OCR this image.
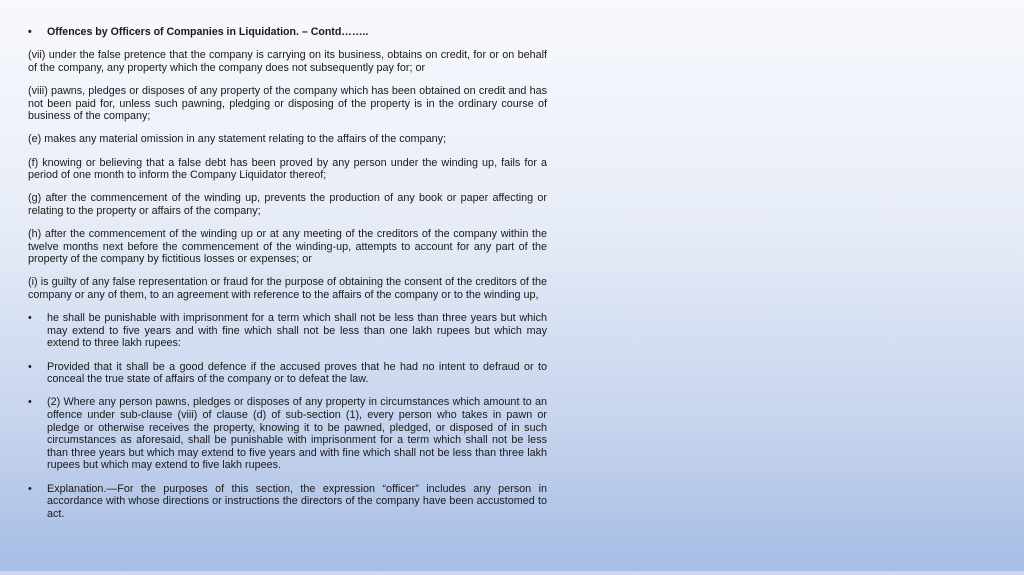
• Offences by Officers of Companies in Liquidation. – Contd……..

(vii) under the false pretence that the company is carrying on its business, obtains on credit, for or on behalf of the company, any property which the company does not subsequently pay for; or

(viii) pawns, pledges or disposes of any property of the company which has been obtained on credit and has not been paid for, unless such pawning, pledging or disposing of the property is in the ordinary course of business of the company;

(e) makes any material omission in any statement relating to the affairs of the company;

(f) knowing or believing that a false debt has been proved by any person under the winding up, fails for a period of one month to inform the Company Liquidator thereof;

(g) after the commencement of the winding up, prevents the production of any book or paper affecting or relating to the property or affairs of the company;

(h) after the commencement of the winding up or at any meeting of the creditors of the company within the twelve months next before the commencement of the winding-up, attempts to account for any part of the property of the company by fictitious losses or expenses; or

(i) is guilty of any false representation or fraud for the purpose of obtaining the consent of the creditors of the company or any of them, to an agreement with reference to the affairs of the company or to the winding up,

• he shall be punishable with imprisonment for a term which shall not be less than three years but which may extend to five years and with fine which shall not be less than one lakh rupees but which may extend to three lakh rupees:
• Provided that it shall be a good defence if the accused proves that he had no intent to defraud or to conceal the true state of affairs of the company or to defeat the law.
• (2) Where any person pawns, pledges or disposes of any property in circumstances which amount to an offence under sub-clause (viii) of clause (d) of sub-section (1), every person who takes in pawn or pledge or otherwise receives the property, knowing it to be pawned, pledged, or disposed of in such circumstances as aforesaid, shall be punishable with imprisonment for a term which shall not be less than three years but which may extend to five years and with fine which shall not be less than three lakh rupees but which may extend to five lakh rupees.
• Explanation.—For the purposes of this section, the expression “officer” includes any person in accordance with whose directions or instructions the directors of the company have been accustomed to act.
